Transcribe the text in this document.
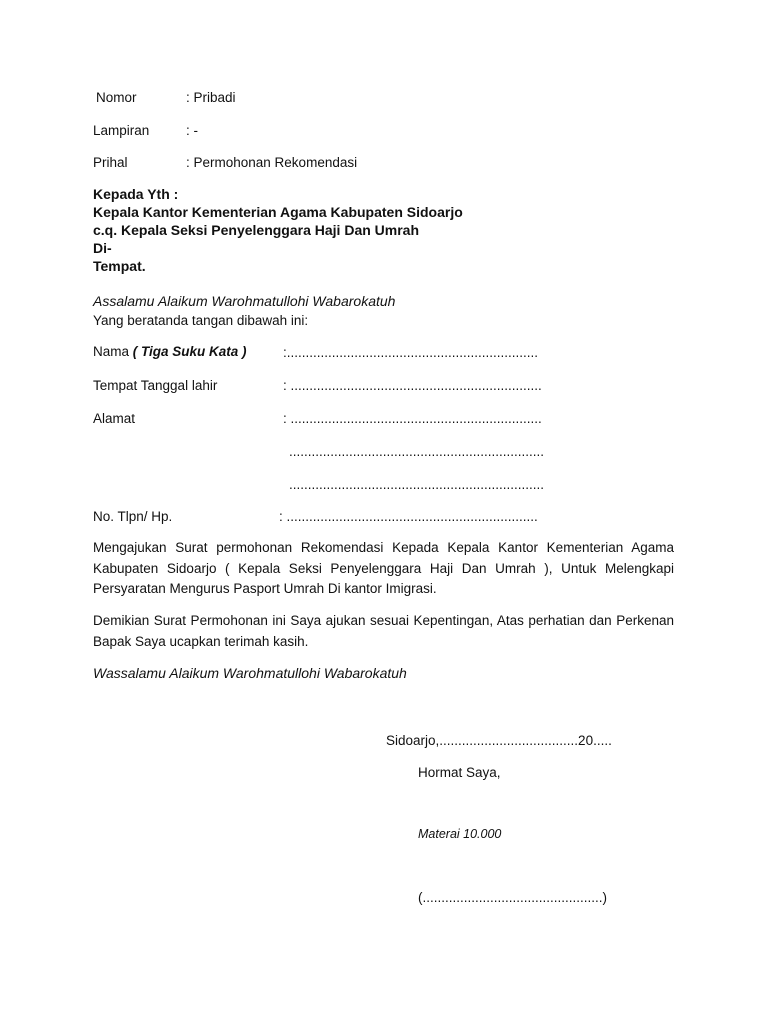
Nomor	: Pribadi
Lampiran	: -
Prihal	: Permohonan Rekomendasi
Kepada Yth :
Kepala Kantor Kementerian Agama Kabupaten Sidoarjo
c.q. Kepala Seksi Penyelenggara Haji Dan Umrah
Di-
Tempat.
Assalamu Alaikum Warohmatullohi Wabarokatuh
Yang beratanda tangan dibawah ini:
Nama ( Tiga Suku Kata )	:...................................................................
Tempat Tanggal lahir	: ...................................................................
Alamat	: ...................................................................
....................................................................
....................................................................
No. Tlpn/ Hp.	: ...................................................................
Mengajukan Surat permohonan Rekomendasi Kepada Kepala Kantor Kementerian Agama Kabupaten Sidoarjo ( Kepala Seksi Penyelenggara Haji Dan Umrah ), Untuk Melengkapi Persyaratan Mengurus Pasport Umrah Di kantor Imigrasi.
Demikian Surat Permohonan ini Saya ajukan sesuai Kepentingan, Atas perhatian dan Perkenan Bapak Saya ucapkan terimah kasih.
Wassalamu Alaikum Warohmatullohi Wabarokatuh
Sidoarjo,.....................................20.....
Hormat Saya,
Materai 10.000
(................................................)
